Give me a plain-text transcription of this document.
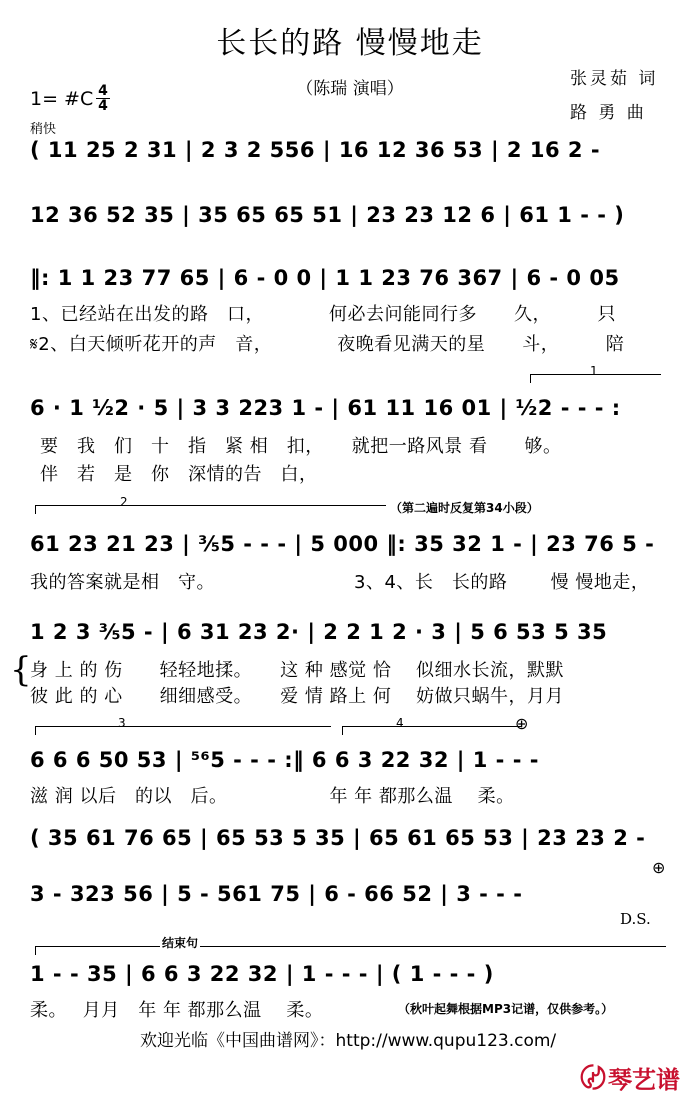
长长的路 慢慢地走
（陈瑞 演唱）	张灵茹 词
路 勇 曲
1= #C 4
4
稍快
( 11 25 2 31 | 2 3 2 556 | 16 12 36 53 | 2 16 2 -
12 36 52 35 | 35 65 65 51 | 23 23 12 6 | 61 1 - - )
‖: 1 1 23 77 65 | 6 - 0 0 | 1 1 23 76 367 | 6 - 0 05
1、已经站在出发的路　口，　　　　何必去问能同行多　　久，　　　只
𝄋2、白天倾听花开的声　音，　　　　夜晚看见满天的星　　斗，　　　陪
1
6 · 1 ½2 · 5 | 3 3 223 1 - | 61 11 16 01 | ½2 - - - :
要　我　们　十　指　紧 相　扣，　　就把一路风景 看　　够。
伴　若　是　你　深情的告　白，
2	（第二遍时反复第34小段）
61 23 21 23 | ⅗5 - - - | 5 000 ‖: 35 32 1 - | 23 76 5 -
我的答案就是相　守。　　　　　　　　3、4、长　长的路　　 慢 慢地走，
1 2 3 ⅗5 - | 6 31 23 2· | 2 2 1 2 · 3 | 5 6 53 5 35
{
身 上 的 伤　　轻轻地揉。　　这 种 感觉 恰　 似细水长流，默默
彼 此 的 心　　细细感受。　　爱 情 路上 何　 妨做只蜗牛，月月
3	4	⊕
6 6 6 50 53 | ⁵⁶5 - - - :‖ 6 6 3 22 32 | 1 - - -
滋 润 以后　的以　后。　　　　　　年 年 都那么温　 柔。
( 35 61 76 65 | 65 53 5 35 | 65 61 65 53 | 23 23 2 -
⊕
3 - 323 56 | 5 - 561 75 | 6 - 66 52 | 3 - - -
D.S.
结束句
1 - - 35 | 6 6 3 22 32 | 1 - - - | ( 1 - - - )
柔。　 月月　年 年 都那么温　 柔。	（秋叶起舞根据MP3记谱，仅供参考。）
欢迎光临《中国曲谱网》：http://www.qupu123.com/
〄 琴艺谱
